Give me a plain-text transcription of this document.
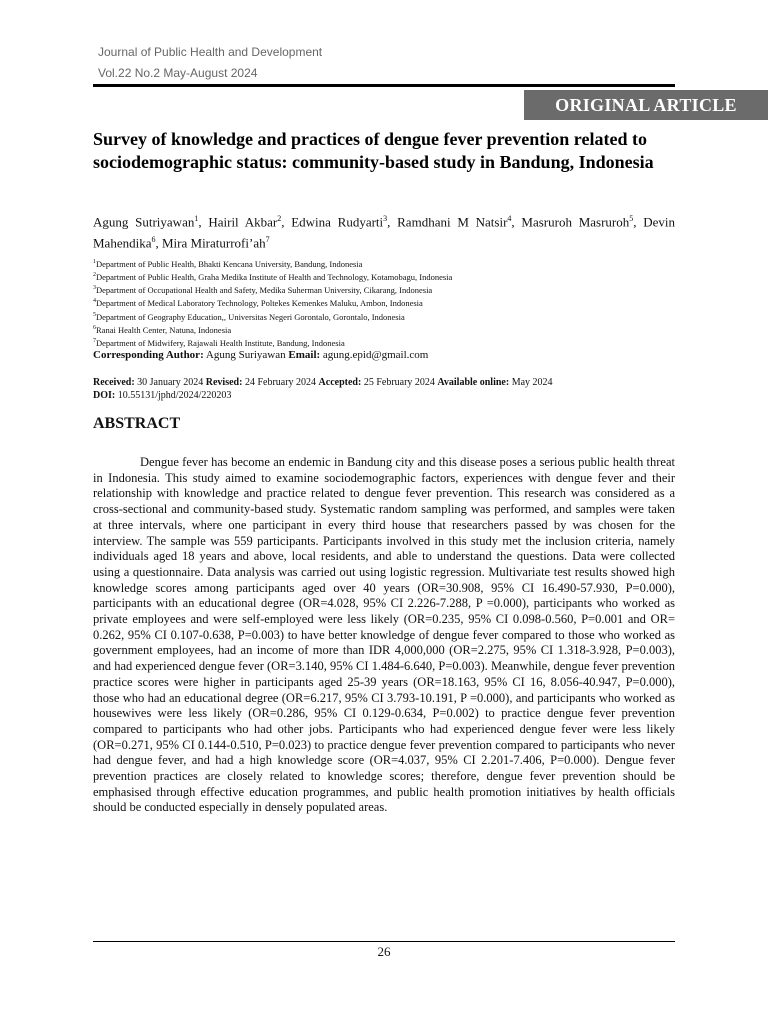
Journal of Public Health and Development
Vol.22 No.2 May-August 2024
ORIGINAL ARTICLE
Survey of knowledge and practices of dengue fever prevention related to sociodemographic status: community-based study in Bandung, Indonesia
Agung Sutriyawan$^1$, Hairil Akbar$^2$, Edwina Rudyarti$^3$, Ramdhani M Natsir$^4$, Masruroh Masruroh$^5$, Devin Mahendika$^6$, Mira $Miraturrofi’ah^7$
$^1$Department of Public Health, Bhakti Kencana University, Bandung, Indonesia
$^2$Department of Public Health, Graha Medika Institute of Health and Technology, Kotamobagu, Indonesia
$^3$Department of Occupational Health and Safety, Medika Suherman University, Cikarang, Indonesia
$^4$Department of Medical Laboratory Technology, Poltekes Kemenkes Maluku, Ambon, Indonesia
$^5$Department of Geography Education,, Universitas Negeri Gorontalo, Gorontalo, Indonesia
$^6$Ranai Health Center, Natuna, Indonesia
$^7$Department of Midwifery, Rajawali Health Institute, Bandung, Indonesia
Corresponding Author: Agung Suriyawan Email: agung.epid@gmail.com
Received: 30 January 2024 Revised: 24 February 2024 Accepted: 25 February 2024 Available online: May 2024
DOI: 10.55131/jphd/2024/220203
ABSTRACT

Dengue fever has become an endemic in Bandung city and this disease poses a serious public health threat in Indonesia. This study aimed to examine sociodemographic factors, experiences with dengue fever and their relationship with knowledge and practice related to dengue fever prevention. This research was considered as a cross-sectional and community-based study. Systematic random sampling was performed, and samples were taken at three intervals, where one participant in every third house that researchers passed by was chosen for the interview. The sample was 559 participants. Participants involved in this study met the inclusion criteria, namely individuals aged 18 years and above, local residents, and able to understand the questions. Data were collected using a questionnaire. Data analysis was carried out using logistic regression. Multivariate test results showed high knowledge scores among participants aged over 40 years (OR=30.908, 95% CI 16.490-57.930, P=0.000), participants with an educational degree (OR=4.028, 95% CI 2.226-7.288, P =0.000), participants who worked as private employees and were self-employed were less likely (OR=0.235, 95% CI 0.098-0.560, P=0.001 and OR= 0.262, 95% CI 0.107-0.638, P=0.003) to have better knowledge of dengue fever compared to those who worked as government employees, had an income of more than IDR 4,000,000 (OR=2.275, 95% CI 1.318-3.928, P=0.003), and had experienced dengue fever (OR=3.140, 95% CI 1.484-6.640, P=0.003). Meanwhile, dengue fever prevention practice scores were higher in participants aged 25-39 years (OR=18.163, 95% CI 16, 8.056-40.947, P=0.000), those who had an educational degree (OR=6.217, 95% CI 3.793-10.191, P =0.000), and participants who worked as housewives were less likely (OR=0.286, 95% CI 0.129-0.634, P=0.002) to practice dengue fever prevention compared to participants who had other jobs. Participants who had experienced dengue fever were less likely (OR=0.271, 95% CI 0.144-0.510, P=0.023) to practice dengue fever prevention compared to participants who never had dengue fever, and had a high knowledge score (OR=4.037, 95% CI 2.201-7.406, P=0.000). Dengue fever prevention practices are closely related to knowledge scores; therefore, dengue fever prevention should be emphasised through effective education programmes, and public health promotion initiatives by health officials should be conducted especially in densely populated areas.

26
